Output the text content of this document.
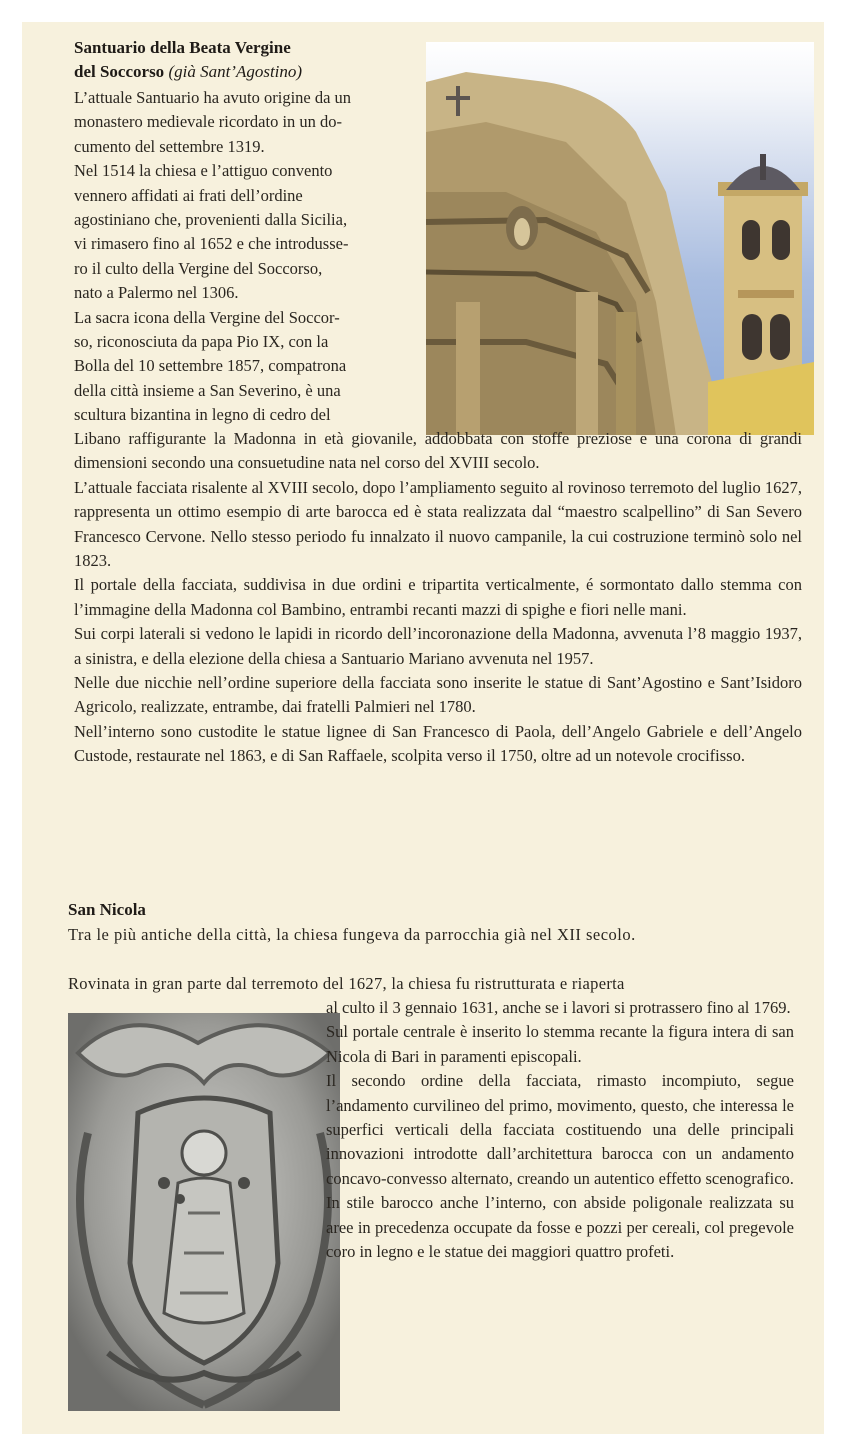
Santuario della Beata Vergine
del Soccorso (già Sant’Agostino)
L’attuale Santuario ha avuto origine da un
monastero medievale ricordato in un do-
cumento del settembre 1319.
Nel 1514 la chiesa e l’attiguo convento
vennero affidati ai frati dell’ordine
agostiniano che, provenienti dalla Sicilia,
vi rimasero fino al 1652 e che introdusse-
ro il culto della Vergine del Soccorso,
nato a Palermo nel 1306.
La sacra icona della Vergine del Soccor-
so, riconosciuta da papa Pio IX, con la
Bolla del 10 settembre 1857, compatrona
della città insieme a San Severino, è una
scultura bizantina in legno di cedro del

Libano raffigurante la Madonna in età giovanile, addobbata con stoffe preziose e una corona di grandi dimensioni secondo una consuetudine nata nel corso del XVIII secolo.

L’attuale facciata risalente al XVIII secolo, dopo l’ampliamento seguito al rovinoso terremoto del luglio 1627, rappresenta un ottimo esempio di arte barocca ed è stata realizzata dal “maestro scalpellino” di San Severo Francesco Cervone. Nello stesso periodo fu innalzato il nuovo campanile, la cui costruzione terminò solo nel 1823.

Il portale della facciata, suddivisa in due ordini e tripartita verticalmente, é sormontato dallo stemma con l’immagine della Madonna col Bambino, entrambi recanti mazzi di spighe e fiori nelle mani.

Sui corpi laterali si vedono le lapidi in ricordo dell’incoronazione della Madonna, avvenuta l’8 maggio 1937, a sinistra, e della elezione della chiesa a Santuario Mariano avvenuta nel 1957.

Nelle due nicchie nell’ordine superiore della facciata sono inserite le statue di Sant’Agostino e Sant’Isidoro Agricolo, realizzate, entrambe, dai fratelli Palmieri nel 1780.

Nell’interno sono custodite le statue lignee di San Francesco di Paola, dell’Angelo Gabriele e dell’Angelo Custode, restaurate nel 1863, e di San Raffaele, scolpita verso il 1750, oltre ad un notevole crocifisso.

San Nicola
Tra le più antiche della città, la chiesa fungeva da parrocchia già nel XII secolo.
Rovinata in gran parte dal terremoto del 1627, la chiesa fu ristrutturata e riaperta

al culto il 3 gennaio 1631, anche se i lavori si protrassero fino al 1769.

Sul portale centrale è inserito lo stemma recante la figura intera di san Nicola di Bari in paramenti episcopali.

Il secondo ordine della facciata, rimasto incompiuto, segue l’andamento curvilineo del primo, movimento, questo, che interessa le superfici verticali della facciata costituendo una delle principali innovazioni introdotte dall’architettura barocca con un andamento concavo-convesso alternato, creando un autentico effetto scenografico.

In stile barocco anche l’interno, con abside poligonale realizzata su aree in precedenza occupate da fosse e pozzi per cereali, col pregevole coro in legno e le statue dei maggiori quattro profeti.
